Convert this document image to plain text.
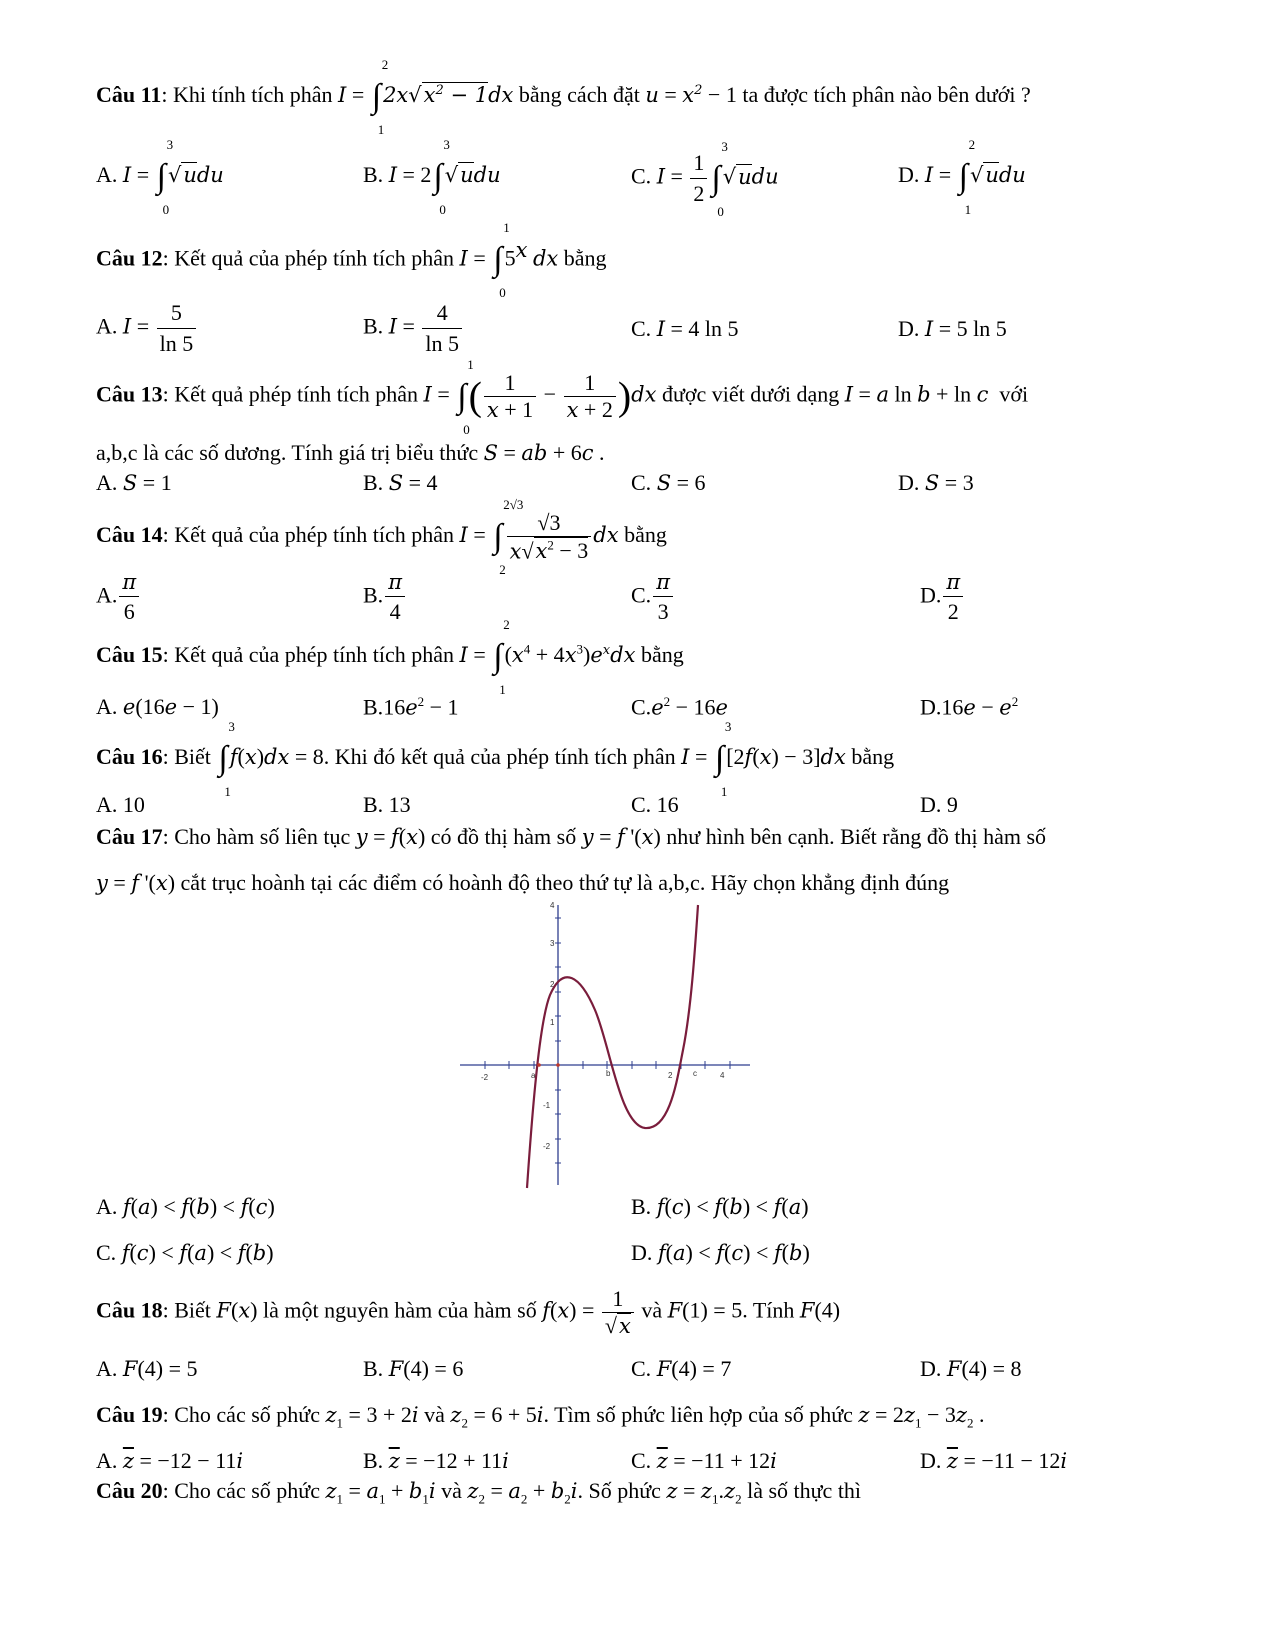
Câu 11: Khi tính tích phân I = ∫
2
1
$2x√x^2 - 1dx$ bằng cách đặt $u = x^2 - 1$ ta được tích phân nào bên dưới ?
A. I = ∫
3
0
√udu	B. I = 2∫
3
0
√udu	C. $I = \frac{1}{2}$ ∫
3
0
√udu	D. I = ∫
2
1
√udu
Câu 12: Kết quả của phép tính tích phân I = ∫
1
0
5$^x$ dx bằng
A. $I = \frac{5}{\ln 5}$	B. $I = \frac{4}{\ln 5}$	C. I = 4 ln 5	D. I = 5 ln 5
Câu 13: Kết quả phép tính tích phân I = ∫
1
0
( $\frac{1}{x + 1} - \frac{1}{x + 2} )dx$ được viết dưới dạng I = a ln b + ln c với
a,b,c là các số dương. Tính giá trị biểu thức S = ab + 6c .
A. S = 1	B. S = 4	C. S = 6	D. S = 3
Câu 14: Kết quả của phép tính tích phân I = ∫
2√3
2
$\frac{√3}{x√x^2 - 3}$ dx bằng
A. $\frac{\pi}{6}$	B. $\frac{\pi}{4}$	C. $\frac{\pi}{3}$	D. $\frac{\pi}{2}$
Câu 15: Kết quả của phép tính tích phân I = ∫
2
1
$(x^4 + 4x^3)e^xdx$ bằng
A. e(16e − 1)	$B.16e^2 - 1$	$C.e^2 - 16e$	$D.16e - e^2$
Câu 16: Biết ∫
3
1
f(x)dx = 8. Khi đó kết quả của phép tính tích phân I = ∫
3
1
[2f(x) − 3]dx bằng
A. 10	B. 13	C. 16	D. 9
Câu 17: Cho hàm số liên tục y = f(x) có đồ thị hàm số y = f '(x) như hình bên cạnh. Biết rằng đồ thị hàm số
y = f '(x) cắt trục hoành tại các điểm có hoành độ theo thứ tự là a,b,c. Hãy chọn khẳng định đúng
4
3
2
1
-1
-2
-2	a	b	2	4
c
A. f(a) < f(b) < f(c)	B. f(c) < f(b) < f(a)
C. f(c) < f(a) < f(b)	D. f(a) < f(c) < f(b)
Câu 18: Biết F(x) là một nguyên hàm của hàm số $f(x) = \frac{1}{√x}$ và F(1) = 5. Tính F(4)
A. F(4) = 5	B. F(4) = 6	C. F(4) = 7	D. F(4) = 8
Câu 19: Cho các số phức $z_1 = 3 + 2i$ và $z_2 = 6 + 5i$. Tìm số phức liên hợp của số phức $z = 2z_1 - 3z_2$ .
A. $\overline{z} = -12 - 11i$	B. $\overline{z} = -12 + 11i$	C. $\overline{z} = -11 + 12i$	D. $\overline{z} = -11 - 12i$
Câu 20: Cho các số phức $z_1 = a_1 + b_1i$ và $z_2 = a_2 + b_2i$. Số phức $z = z_1.z_2$ là số thực thì
